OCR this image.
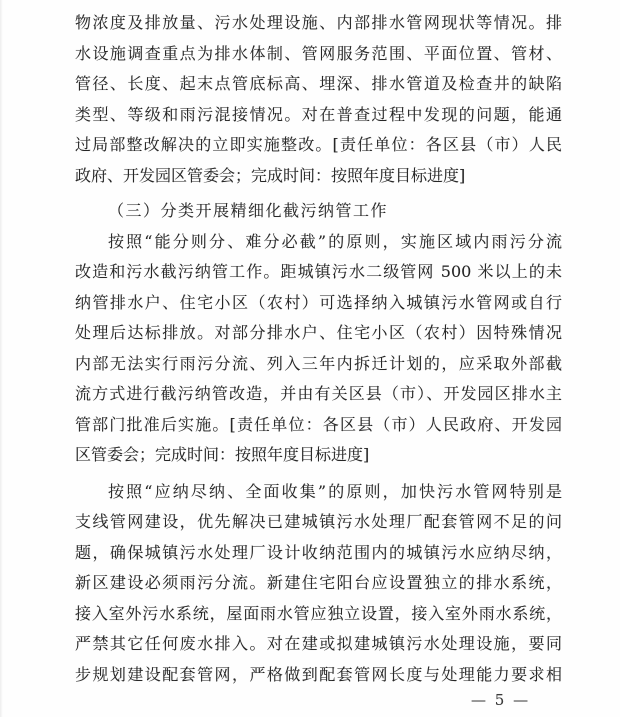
物浓度及排放量、污水处理设施、内部排水管网现状等情况。排
水设施调查重点为排水体制、管网服务范围、平面位置、管材、
管径、长度、起末点管底标高、埋深、排水管道及检查井的缺陷
类型、等级和雨污混接情况。对在普查过程中发现的问题，能通
过局部整改解决的立即实施整改。[责任单位：各区县（市）人民
政府、开发园区管委会；完成时间：按照年度目标进度]
（三）分类开展精细化截污纳管工作
按照“能分则分、难分必截”的原则，实施区域内雨污分流
改造和污水截污纳管工作。距城镇污水二级管网 500 米以上的未
纳管排水户、住宅小区（农村）可选择纳入城镇污水管网或自行
处理后达标排放。对部分排水户、住宅小区（农村）因特殊情况
内部无法实行雨污分流、列入三年内拆迁计划的，应采取外部截
流方式进行截污纳管改造，并由有关区县（市）、开发园区排水主
管部门批准后实施。[责任单位：各区县（市）人民政府、开发园
区管委会；完成时间：按照年度目标进度]
按照“应纳尽纳、全面收集”的原则，加快污水管网特别是
支线管网建设，优先解决已建城镇污水处理厂配套管网不足的问
题，确保城镇污水处理厂设计收纳范围内的城镇污水应纳尽纳，
新区建设必须雨污分流。新建住宅阳台应设置独立的排水系统，
接入室外污水系统，屋面雨水管应独立设置，接入室外雨水系统，
严禁其它任何废水排入。对在建或拟建城镇污水处理设施，要同
步规划建设配套管网，严格做到配套管网长度与处理能力要求相
— 5 —
